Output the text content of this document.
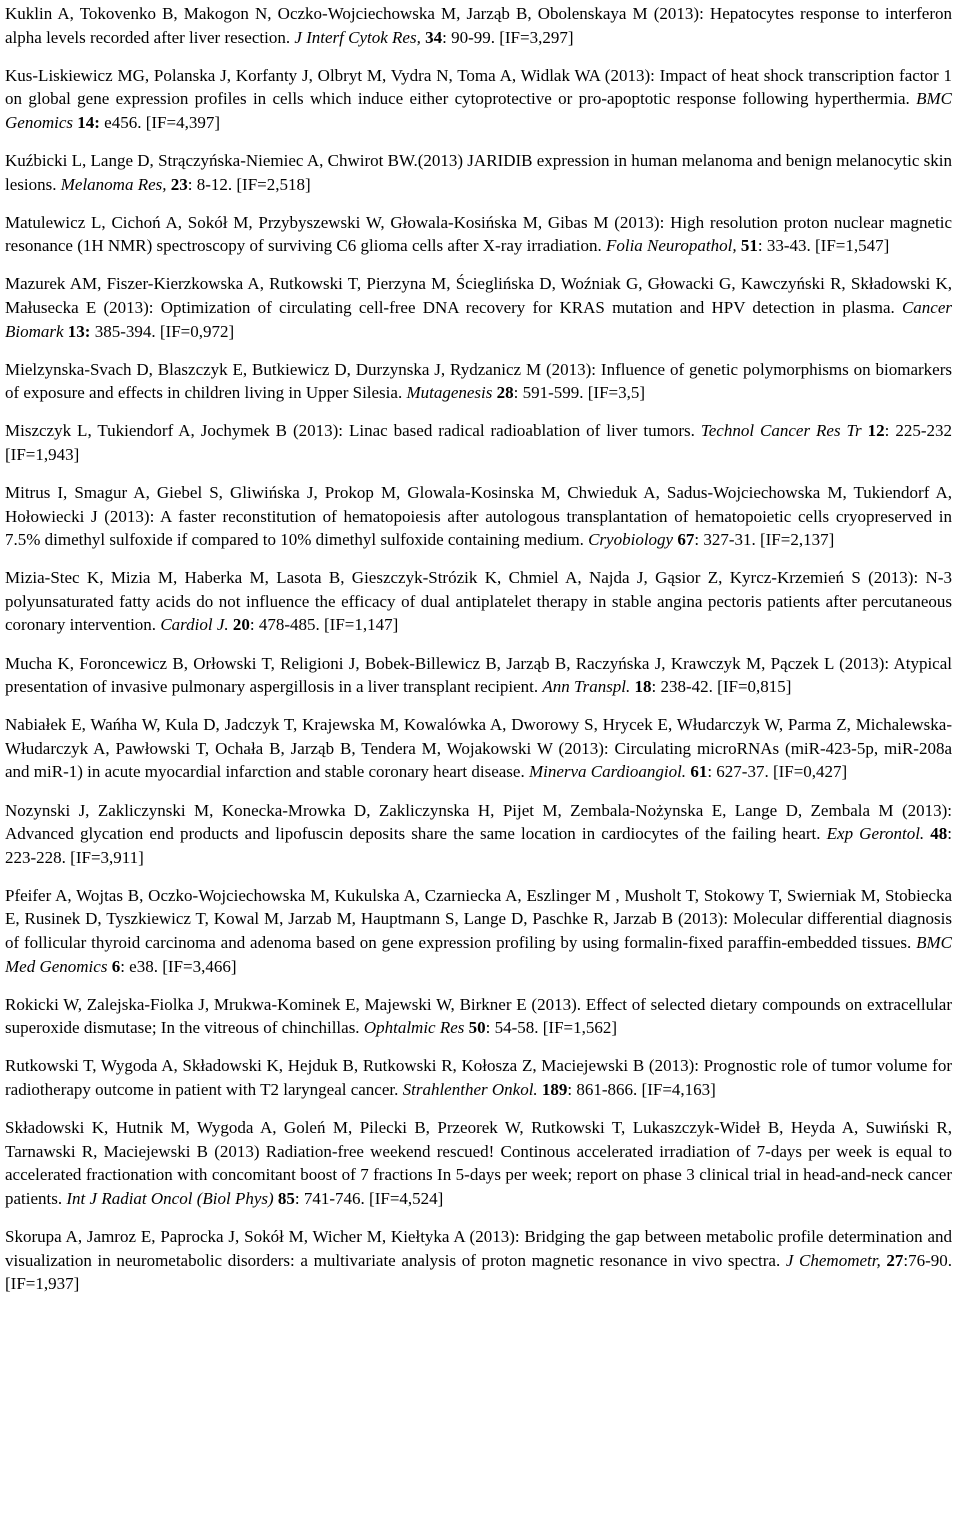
Kuklin A, Tokovenko B, Makogon N, Oczko-Wojciechowska M, Jarząb B, Obolenskaya M (2013): Hepatocytes response to interferon alpha levels recorded after liver resection. J Interf Cytok Res, 34: 90-99. [IF=3,297]

Kus-Liskiewicz MG, Polanska J, Korfanty J, Olbryt M, Vydra N, Toma A, Widlak WA (2013): Impact of heat shock transcription factor 1 on global gene expression profiles in cells which induce either cytoprotective or pro-apoptotic response following hyperthermia. BMC Genomics 14: e456. [IF=4,397]

Kuźbicki L, Lange D, Strączyńska-Niemiec A, Chwirot BW.(2013) JARIDIB expression in human melanoma and benign melanocytic skin lesions. Melanoma Res, 23: 8-12. [IF=2,518]

Matulewicz L, Cichoń A, Sokół M, Przybyszewski W, Głowala-Kosińska M, Gibas M (2013): High resolution proton nuclear magnetic resonance (1H NMR) spectroscopy of surviving C6 glioma cells after X-ray irradiation. Folia Neuropathol, 51: 33-43. [IF=1,547]

Mazurek AM, Fiszer-Kierzkowska A, Rutkowski T, Pierzyna M, Ścieglińska D, Woźniak G, Głowacki G, Kawczyński R, Składowski K, Małusecka E (2013): Optimization of circulating cell-free DNA recovery for KRAS mutation and HPV detection in plasma. Cancer Biomark 13: 385-394. [IF=0,972]

Mielzynska-Svach D, Blaszczyk E, Butkiewicz D, Durzynska J, Rydzanicz M (2013): Influence of genetic polymorphisms on biomarkers of exposure and effects in children living in Upper Silesia. Mutagenesis 28: 591-599. [IF=3,5]

Miszczyk L, Tukiendorf A, Jochymek B (2013): Linac based radical radioablation of liver tumors. Technol Cancer Res Tr 12: 225-232 [IF=1,943]

Mitrus I, Smagur A, Giebel S, Gliwińska J, Prokop M, Glowala-Kosinska M, Chwieduk A, Sadus-Wojciechowska M, Tukiendorf A, Hołowiecki J (2013): A faster reconstitution of hematopoiesis after autologous transplantation of hematopoietic cells cryopreserved in 7.5% dimethyl sulfoxide if compared to 10% dimethyl sulfoxide containing medium. Cryobiology 67: 327-31. [IF=2,137]

Mizia-Stec K, Mizia M, Haberka M, Lasota B, Gieszczyk-Strózik K, Chmiel A, Najda J, Gąsior Z, Kyrcz-Krzemień S (2013): N-3 polyunsaturated fatty acids do not influence the efficacy of dual antiplatelet therapy in stable angina pectoris patients after percutaneous coronary intervention. Cardiol J. 20: 478-485. [IF=1,147]

Mucha K, Foroncewicz B, Orłowski T, Religioni J, Bobek-Billewicz B, Jarząb B, Raczyńska J, Krawczyk M, Pączek L (2013): Atypical presentation of invasive pulmonary aspergillosis in a liver transplant recipient. Ann Transpl. 18: 238-42. [IF=0,815]

Nabiałek E, Wańha W, Kula D, Jadczyk T, Krajewska M, Kowalówka A, Dworowy S, Hrycek E, Włudarczyk W, Parma Z, Michalewska-Włudarczyk A, Pawłowski T, Ochała B, Jarząb B, Tendera M, Wojakowski W (2013): Circulating microRNAs (miR-423-5p, miR-208a and miR-1) in acute myocardial infarction and stable coronary heart disease. Minerva Cardioangiol. 61: 627-37. [IF=0,427]

Nozynski J, Zakliczynski M, Konecka-Mrowka D, Zakliczynska H, Pijet M, Zembala-Nożynska E, Lange D, Zembala M (2013): Advanced glycation end products and lipofuscin deposits share the same location in cardiocytes of the failing heart. Exp Gerontol. 48: 223-228. [IF=3,911]

Pfeifer A, Wojtas B, Oczko-Wojciechowska M, Kukulska A, Czarniecka A, Eszlinger M , Musholt T, Stokowy T, Swierniak M, Stobiecka E, Rusinek D, Tyszkiewicz T, Kowal M, Jarzab M, Hauptmann S, Lange D, Paschke R, Jarzab B (2013): Molecular differential diagnosis of follicular thyroid carcinoma and adenoma based on gene expression profiling by using formalin-fixed paraffin-embedded tissues. BMC Med Genomics 6: e38. [IF=3,466]

Rokicki W, Zalejska-Fiolka J, Mrukwa-Kominek E, Majewski W, Birkner E (2013). Effect of selected dietary compounds on extracellular superoxide dismutase; In the vitreous of chinchillas. Ophtalmic Res 50: 54-58. [IF=1,562]

Rutkowski T, Wygoda A, Składowski K, Hejduk B, Rutkowski R, Kołosza Z, Maciejewski B (2013): Prognostic role of tumor volume for radiotherapy outcome in patient with T2 laryngeal cancer. Strahlenther Onkol. 189: 861-866. [IF=4,163]

Składowski K, Hutnik M, Wygoda A, Goleń M, Pilecki B, Przeorek W, Rutkowski T, Lukaszczyk-Wideł B, Heyda A, Suwiński R, Tarnawski R, Maciejewski B (2013) Radiation-free weekend rescued! Continous accelerated irradiation of 7-days per week is equal to accelerated fractionation with concomitant boost of 7 fractions In 5-days per week; report on phase 3 clinical trial in head-and-neck cancer patients. Int J Radiat Oncol (Biol Phys) 85: 741-746. [IF=4,524]

Skorupa A, Jamroz E, Paprocka J, Sokół M, Wicher M, Kiełtyka A (2013): Bridging the gap between metabolic profile determination and visualization in neurometabolic disorders: a multivariate analysis of proton magnetic resonance in vivo spectra. J Chemometr, 27:76-90. [IF=1,937]
